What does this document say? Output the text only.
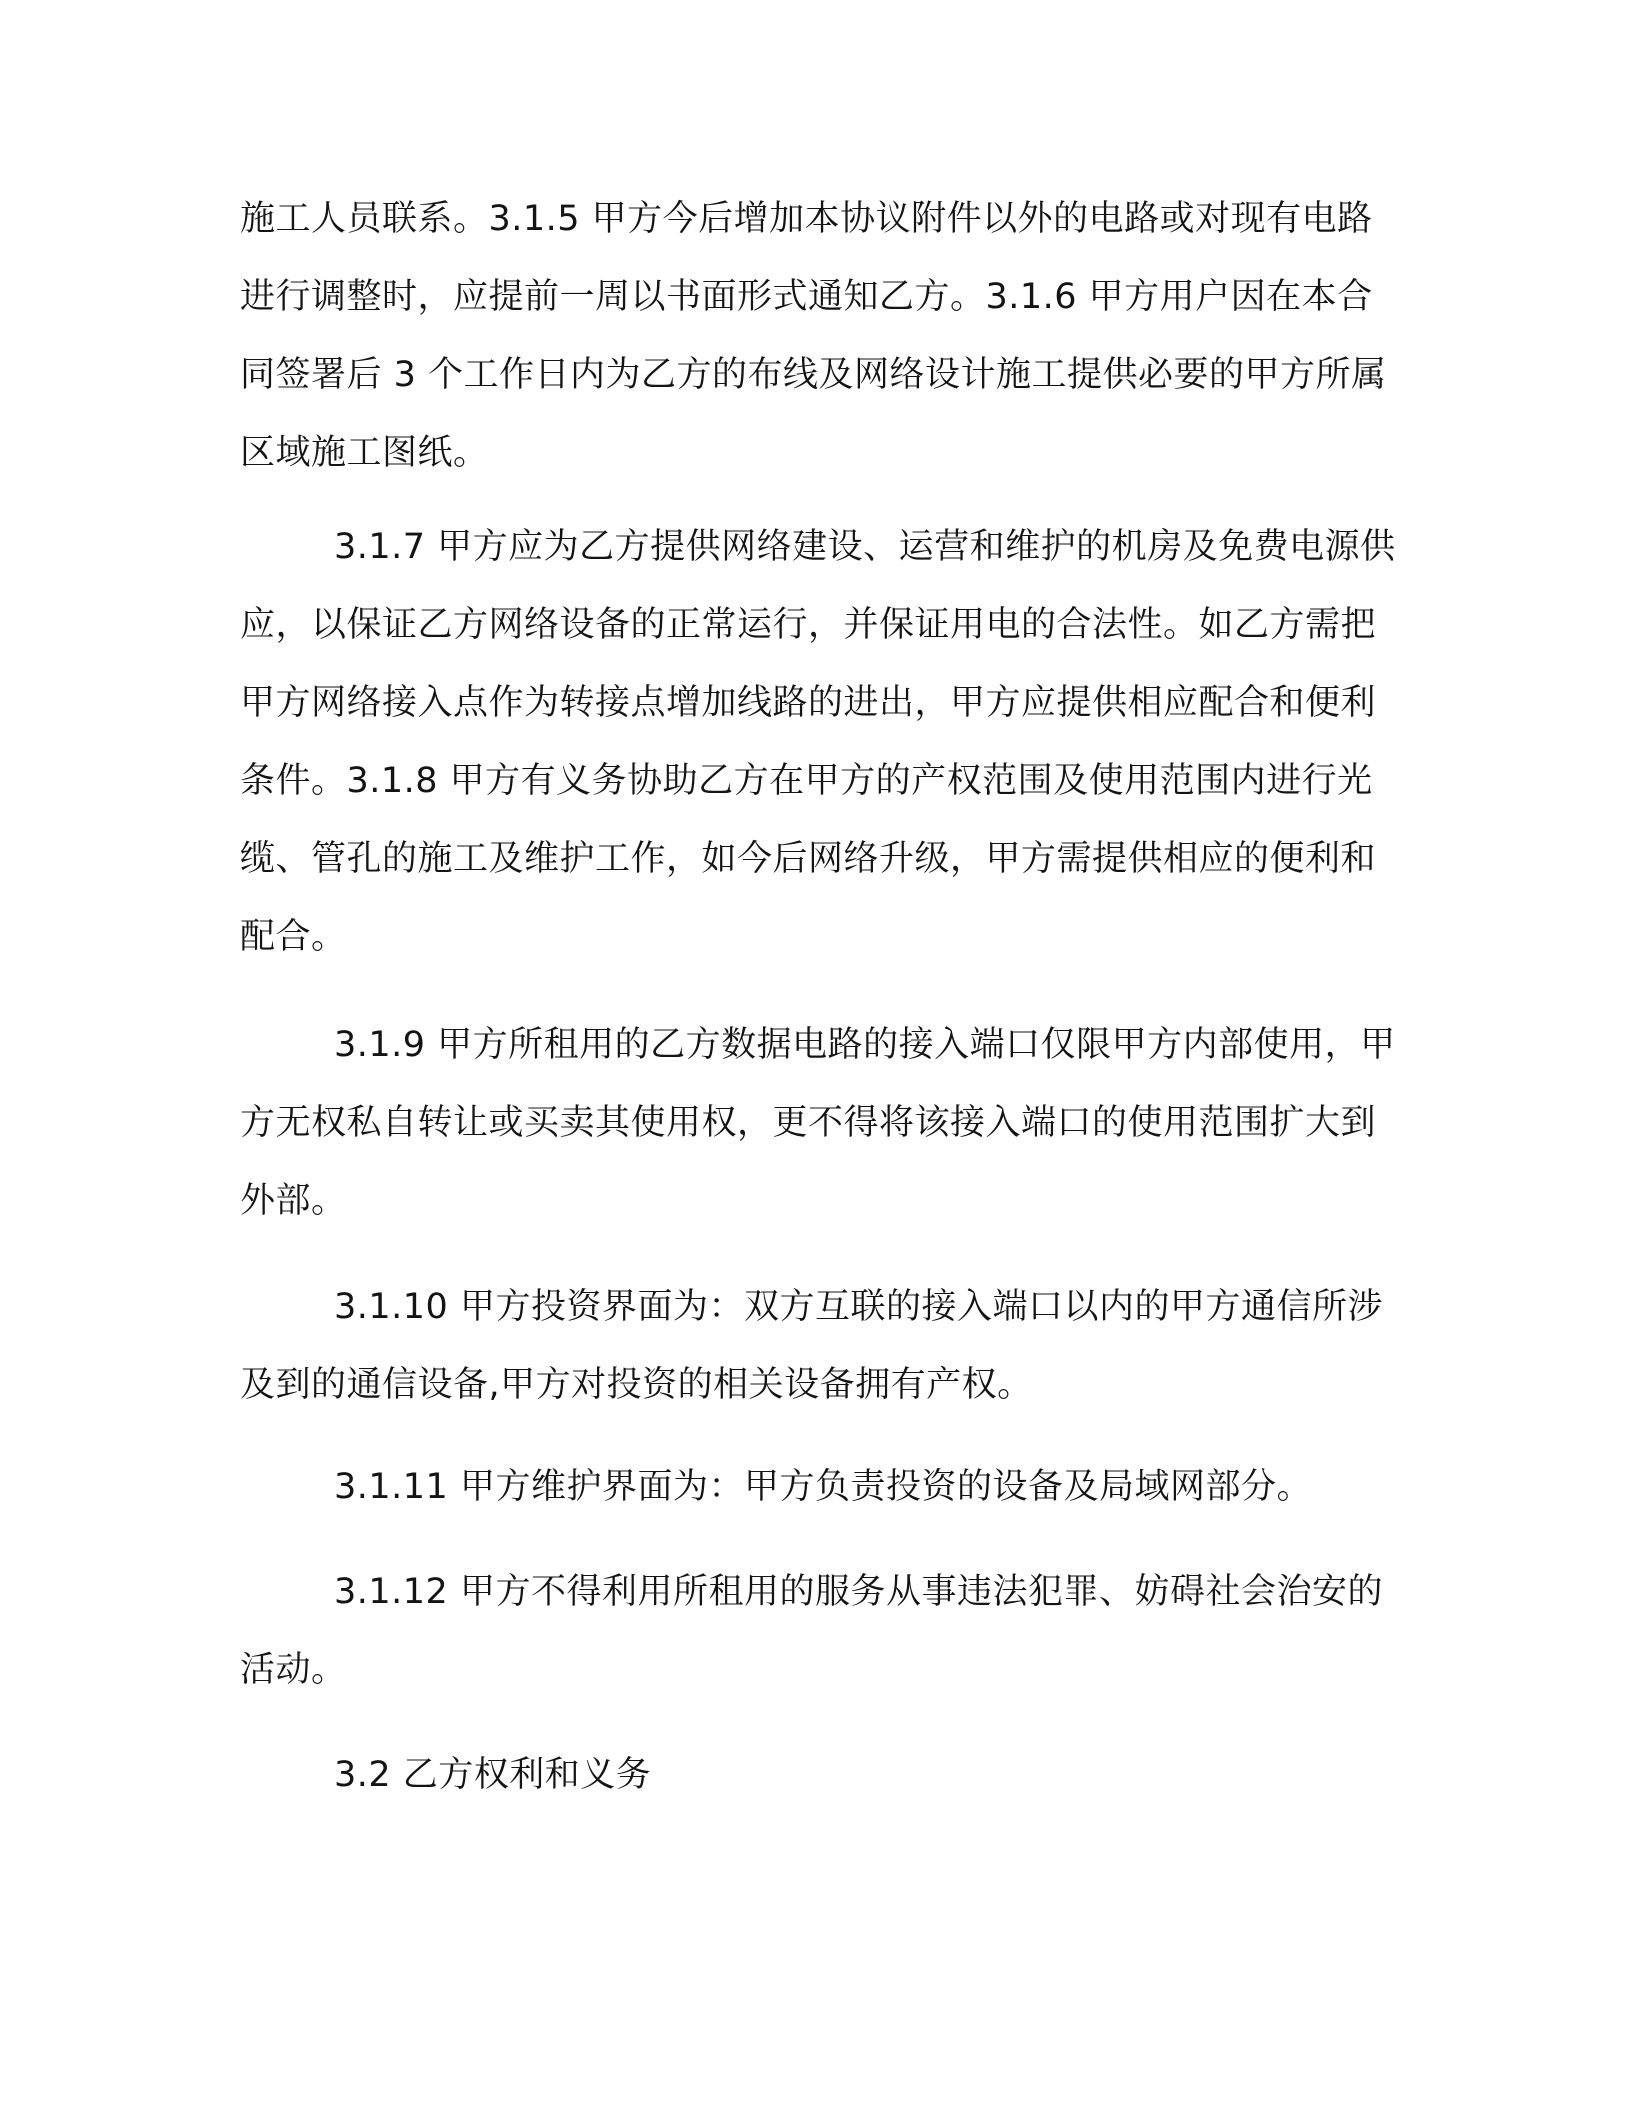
施工人员联系。3.1.5 甲方今后增加本协议附件以外的电路或对现有电路进行调整时，应提前一周以书面形式通知乙方。3.1.6 甲方用户因在本合同签署后 3 个工作日内为乙方的布线及网络设计施工提供必要的甲方所属区域施工图纸。

3.1.7 甲方应为乙方提供网络建设、运营和维护的机房及免费电源供应，以保证乙方网络设备的正常运行，并保证用电的合法性。如乙方需把甲方网络接入点作为转接点增加线路的进出，甲方应提供相应配合和便利条件。3.1.8 甲方有义务协助乙方在甲方的产权范围及使用范围内进行光缆、管孔的施工及维护工作，如今后网络升级，甲方需提供相应的便利和配合。

3.1.9 甲方所租用的乙方数据电路的接入端口仅限甲方内部使用，甲方无权私自转让或买卖其使用权，更不得将该接入端口的使用范围扩大到外部。

3.1.10 甲方投资界面为：双方互联的接入端口以内的甲方通信所涉及到的通信设备,甲方对投资的相关设备拥有产权。

3.1.11 甲方维护界面为：甲方负责投资的设备及局域网部分。

3.1.12 甲方不得利用所租用的服务从事违法犯罪、妨碍社会治安的活动。

3.2 乙方权利和义务
